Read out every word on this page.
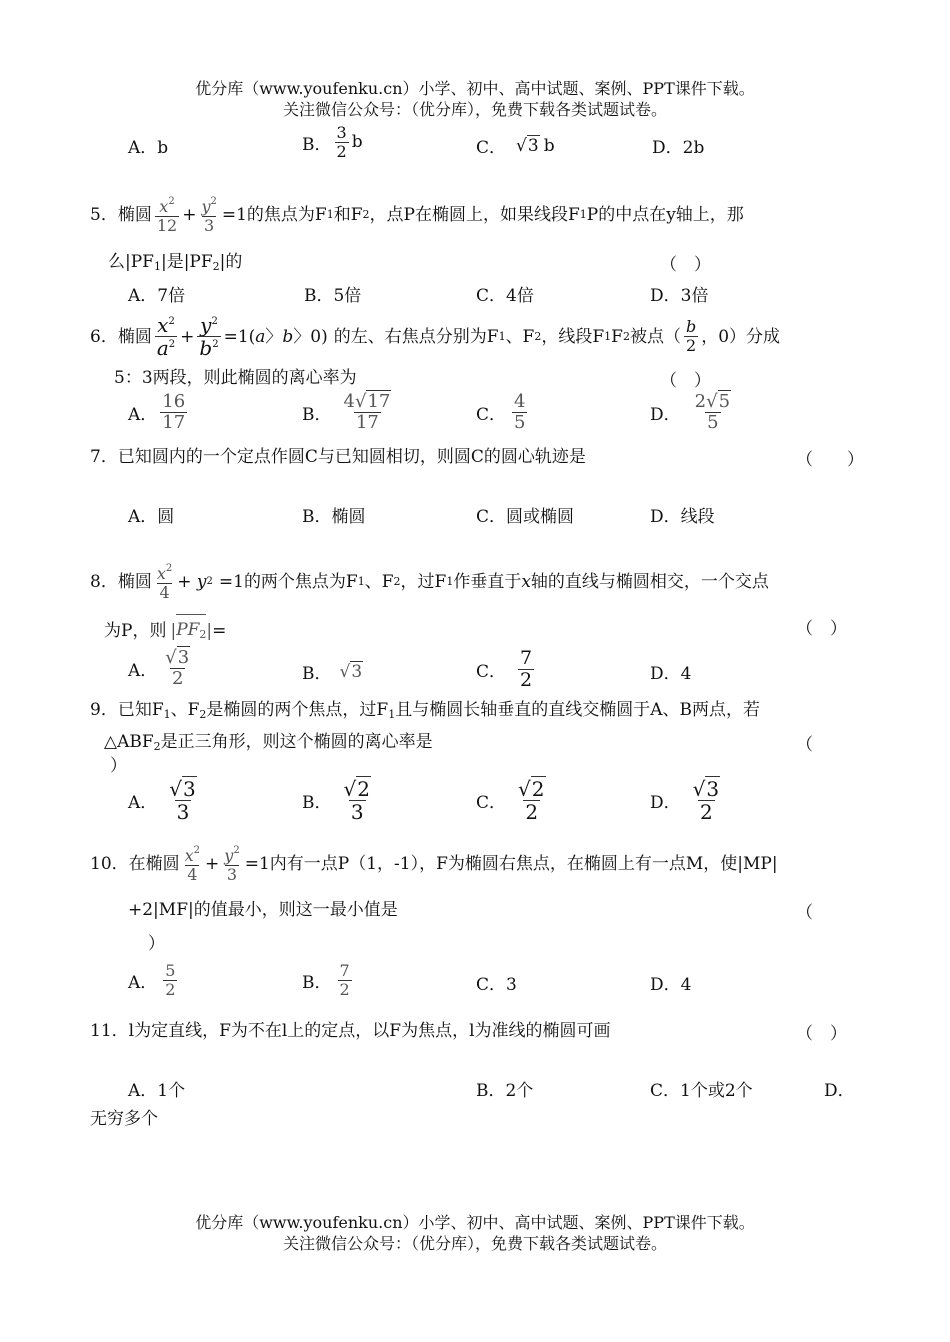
优分库（www.youfenku.cn）小学、初中、高中试题、案例、PPT课件下载。
关注微信公众号：（优分库），免费下载各类试题试卷。
A．b	B． $\frac{3}{2}$ b	C． √ 3 b	D．2b
5．椭圆 $x^2$
$12 + \frac{y^2}{3} =1$ 的焦点为F 1 和F 2 ，点P在椭圆上，如果线段F 1 P的中点在y轴上，那
么$|PF_1|$是$|PF_2|$的	（　）
A．7倍	B．5倍	C．4倍	D．3倍
6．椭圆 $x^2$
$a^2 + \frac{y^2}{b^2} =1$( a 〉 b 〉0) 的左、右焦点分别为F 1 、F 2 ，线段F 1 F 2 被点（ $\frac{b}{2}$ ，0）分成
5：3两段，则此椭圆的离心率为	（　）
A． $\frac{16}{17}$	B．
4√17
17	C． $\frac{4}{5}$	D．
2√5
5
7．已知圆内的一个定点作圆C与已知圆相切，则圆C的圆心轨迹是	（　　）
A．圆	B．椭圆	C．圆或椭圆	D．线段
8．椭圆 $x^2$
4 + y 2 =1 的两个焦点为F 1 、F 2 ，过F 1 作垂直于 x 轴的直线与椭圆相交，一个交点
为P，则 | $PF_2$ | =	（　）
A．
√3
2	B． √ 3	C． $\frac{7}{2}$	D．4
9．已知$F_1$、$F_2$是椭圆的两个焦点，过$F_1$且与椭圆长轴垂直的直线交椭圆于A、B两点，若
$\triangle ABF_2$是正三角形，则这个椭圆的离心率是	（
）
A．
√3
3	B．
√2
3	C．
√2
2	D．
√3
2
10．在椭圆 $x^2$
$4 + \frac{y^2}{3} =1$ 内有一点P（1，-1），F为椭圆右焦点，在椭圆上有一点M，使|MP|
+2|MF|的值最小，则这一最小值是	（
）
A． $\frac{5}{2}$	B． $\frac{7}{2}$	C．3	D．4
11．l为定直线，F为不在l上的定点，以F为焦点，l为准线的椭圆可画	（　）
A．1个	B．2个	C．1个或2个	D．
无穷多个
优分库（www.youfenku.cn）小学、初中、高中试题、案例、PPT课件下载。
关注微信公众号：（优分库），免费下载各类试题试卷。
